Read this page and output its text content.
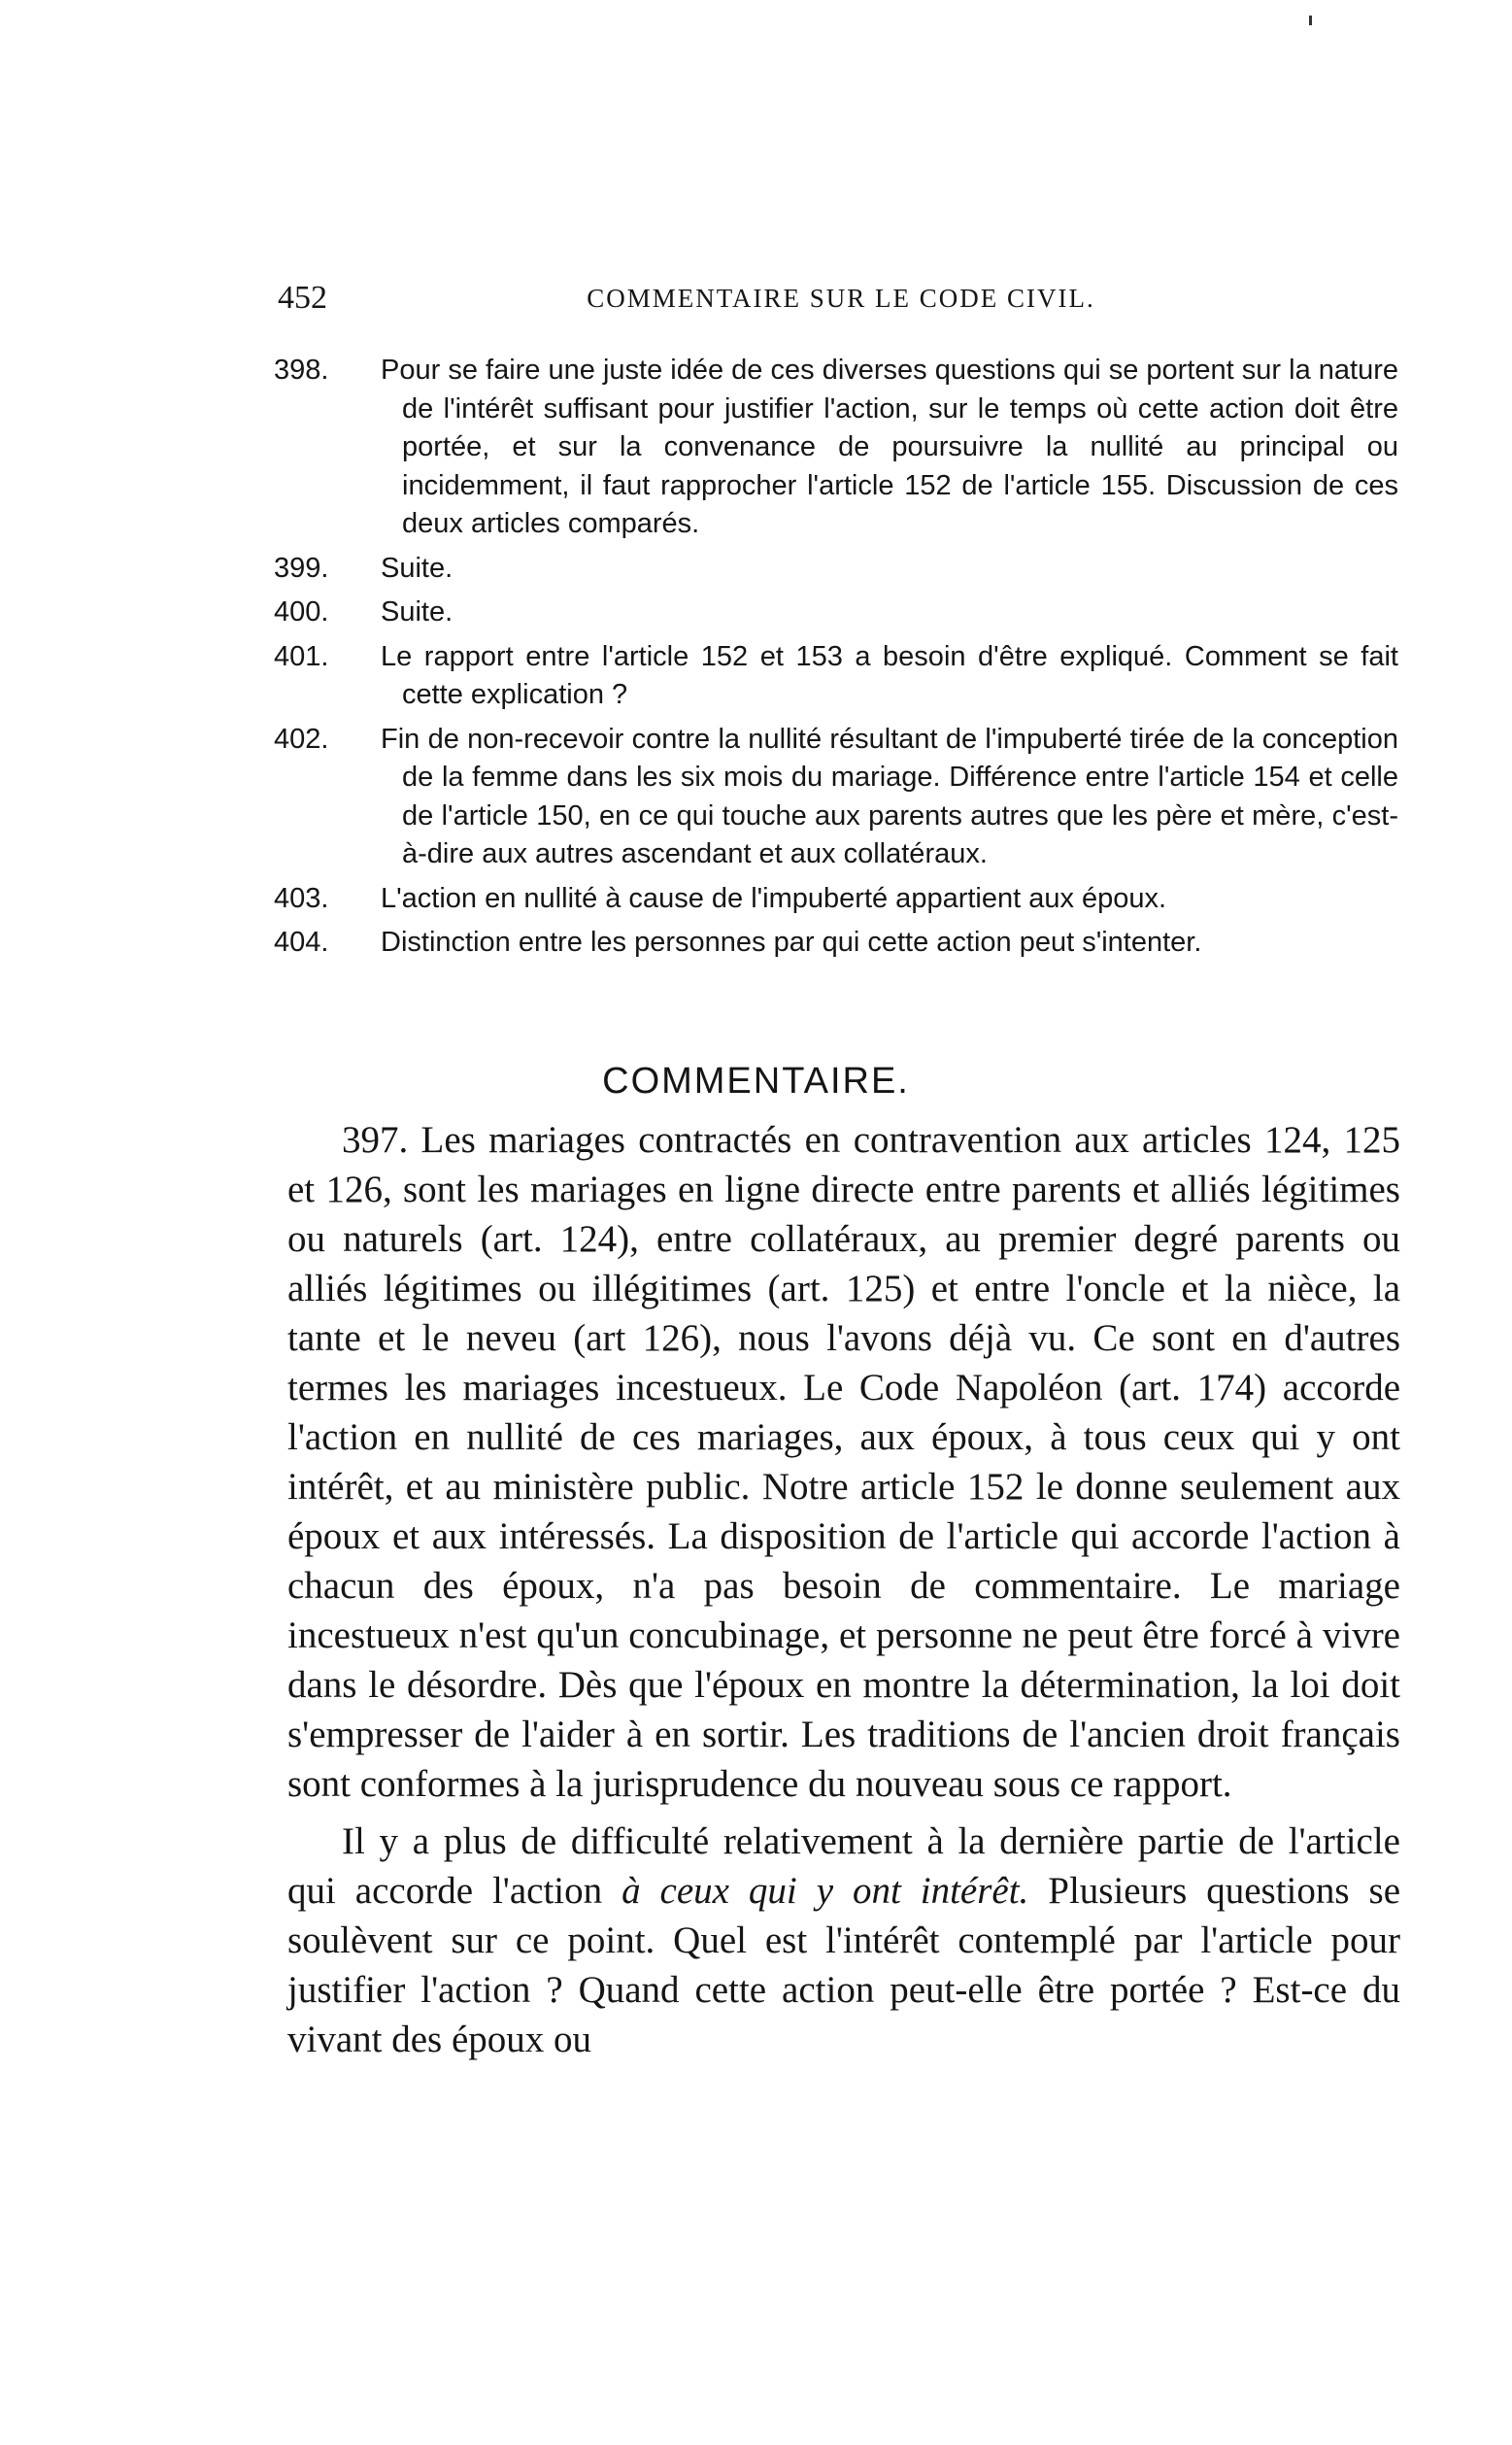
452	COMMENTAIRE SUR LE CODE CIVIL.
398. Pour se faire une juste idée de ces diverses questions qui se portent sur la nature de l'intérêt suffisant pour justifier l'action, sur le temps où cette action doit être portée, et sur la convenance de poursuivre la nullité au principal ou incidemment, il faut rapprocher l'article 152 de l'article 155. Discussion de ces deux articles comparés.
399. Suite.
400. Suite.
401. Le rapport entre l'article 152 et 153 a besoin d'être expliqué. Comment se fait cette explication ?
402. Fin de non-recevoir contre la nullité résultant de l'impuberté tirée de la conception de la femme dans les six mois du mariage. Différence entre l'article 154 et celle de l'article 150, en ce qui touche aux parents autres que les père et mère, c'est-à-dire aux autres ascendant et aux collatéraux.
403. L'action en nullité à cause de l'impuberté appartient aux époux.
404. Distinction entre les personnes par qui cette action peut s'intenter.
COMMENTAIRE.

397. Les mariages contractés en contravention aux articles 124, 125 et 126, sont les mariages en ligne directe entre parents et alliés légitimes ou naturels (art. 124), entre collatéraux, au premier degré parents ou alliés légitimes ou illégitimes (art. 125) et entre l'oncle et la nièce, la tante et le neveu (art 126), nous l'avons déjà vu. Ce sont en d'autres termes les mariages incestueux. Le Code Napoléon (art. 174) accorde l'action en nullité de ces mariages, aux époux, à tous ceux qui y ont intérêt, et au ministère public. Notre article 152 le donne seulement aux époux et aux intéressés. La disposition de l'article qui accorde l'action à chacun des époux, n'a pas besoin de commentaire. Le mariage incestueux n'est qu'un concubinage, et personne ne peut être forcé à vivre dans le désordre. Dès que l'époux en montre la détermination, la loi doit s'empresser de l'aider à en sortir. Les traditions de l'ancien droit français sont conformes à la jurisprudence du nouveau sous ce rapport.

Il y a plus de difficulté relativement à la dernière partie de l'article qui accorde l'action à ceux qui y ont intérêt. Plusieurs questions se soulèvent sur ce point. Quel est l'intérêt contemplé par l'article pour justifier l'action ? Quand cette action peut-elle être portée ? Est-ce du vivant des époux ou
